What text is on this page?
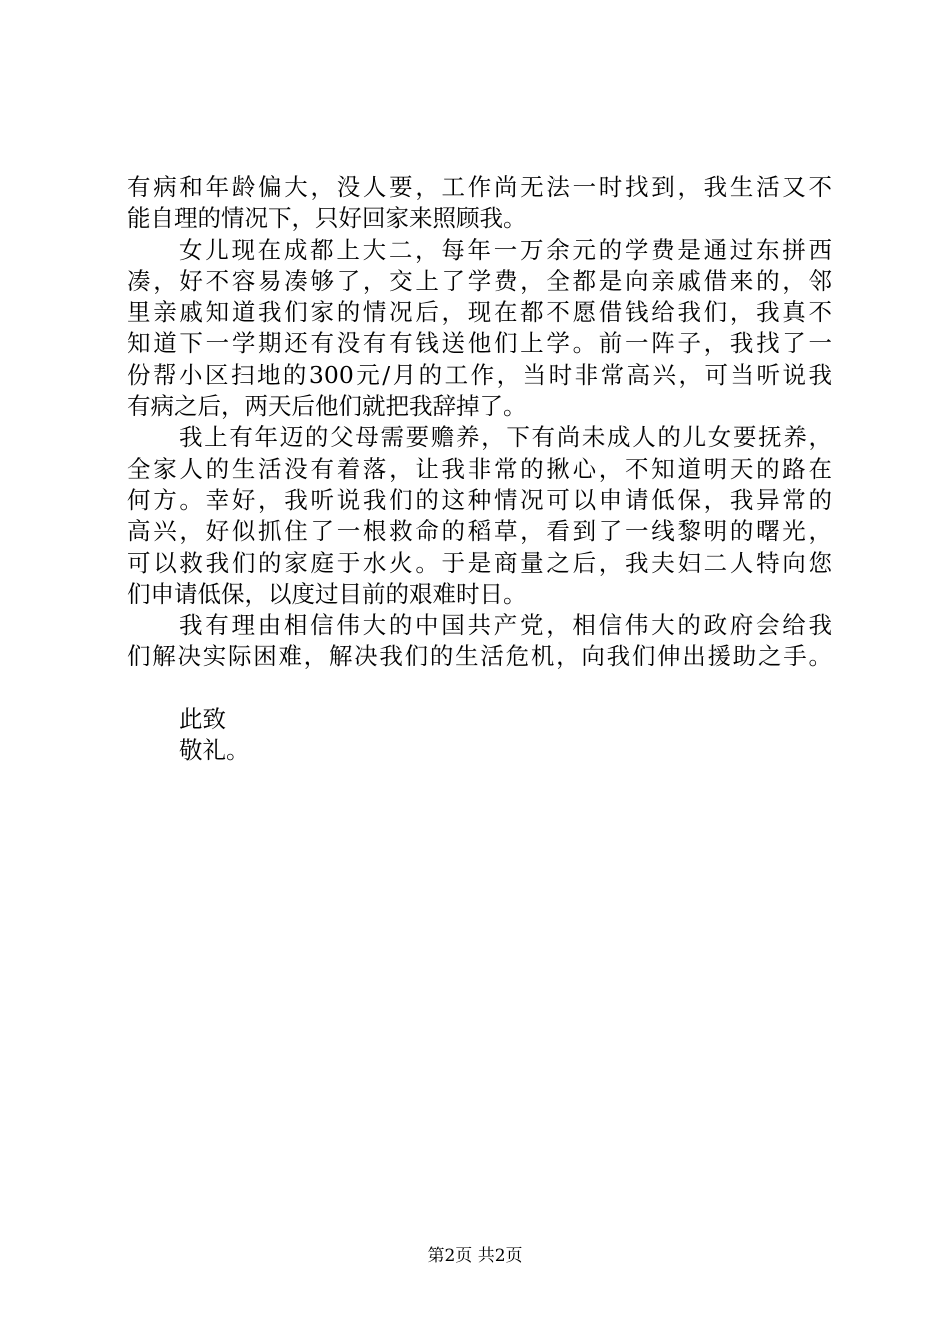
有病和年龄偏大，没人要，工作尚无法一时找到，我生活又不
能自理的情况下，只好回家来照顾我。
女儿现在成都上大二，每年一万余元的学费是通过东拼西
凑，好不容易凑够了，交上了学费，全都是向亲戚借来的，邻
里亲戚知道我们家的情况后，现在都不愿借钱给我们，我真不
知道下一学期还有没有有钱送他们上学。前一阵子，我找了一
份帮小区扫地的300元/月的工作，当时非常高兴，可当听说我
有病之后，两天后他们就把我辞掉了。
我上有年迈的父母需要赡养，下有尚未成人的儿女要抚养，
全家人的生活没有着落，让我非常的揪心，不知道明天的路在
何方。幸好，我听说我们的这种情况可以申请低保，我异常的
高兴，好似抓住了一根救命的稻草，看到了一线黎明的曙光，
可以救我们的家庭于水火。于是商量之后，我夫妇二人特向您
们申请低保，以度过目前的艰难时日。
我有理由相信伟大的中国共产党，相信伟大的政府会给我
们解决实际困难，解决我们的生活危机，向我们伸出援助之手。
此致
敬礼。
第2页 共2页
